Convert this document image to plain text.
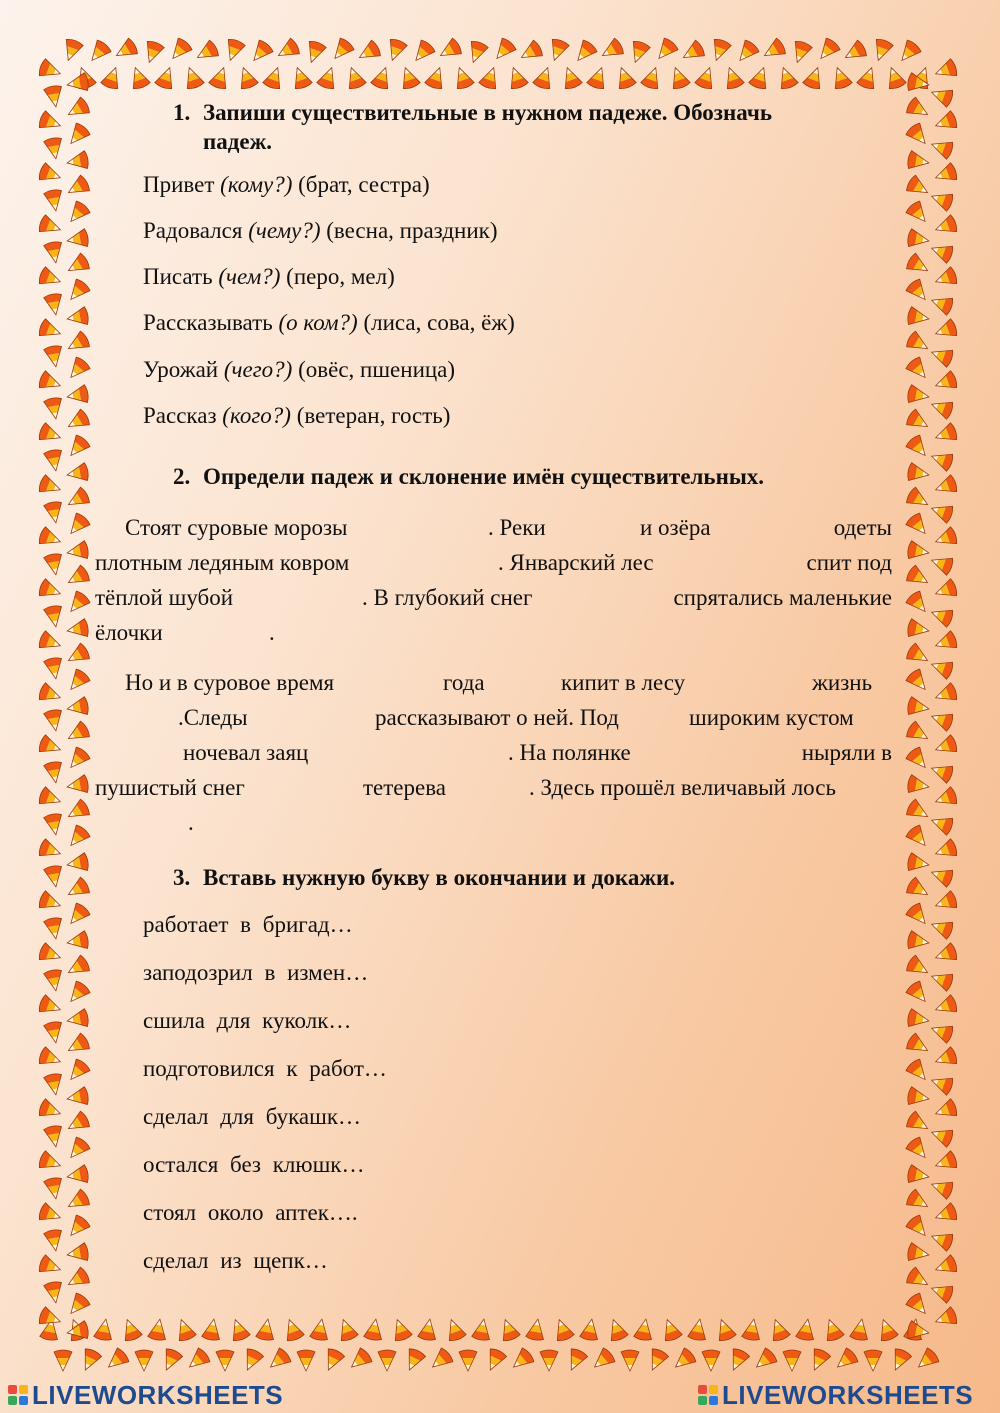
1. Запиши существительные в нужном падеже. Обозначь
падеж.
Привет (кому?) (брат, сестра)
Радовался (чему?) (весна, праздник)
Писать (чем?) (перо, мел)
Рассказывать (о ком?) (лиса, сова, ёж)
Урожай (чего?) (овёс, пшеница)
Рассказ (кого?) (ветеран, гость)
2. Определи падеж и склонение имён существительных.
Стоят суровые морозы	. Реки	и озёра	одеты
плотным ледяным ковром	. Январский лес	спит под
тёплой шубой	. В глубокий снег	спрятались маленькие
ёлочки	.
Но и в суровое время	года	кипит в лесу	жизнь
.Следы	рассказывают о ней. Под	широким кустом
ночевал заяц	. На полянке	ныряли в
пушистый снег	тетерева	. Здесь прошёл величавый лось
.
3. Вставь нужную букву в окончании и докажи.
работает в бригад…
заподозрил в измен…
сшила для куколк…
подготовился к работ…
сделал для букашк…
остался без клюшк…
стоял около аптек….
сделал из щепк…
LIVEWORKSHEETS	LIVEWORKSHEETS
